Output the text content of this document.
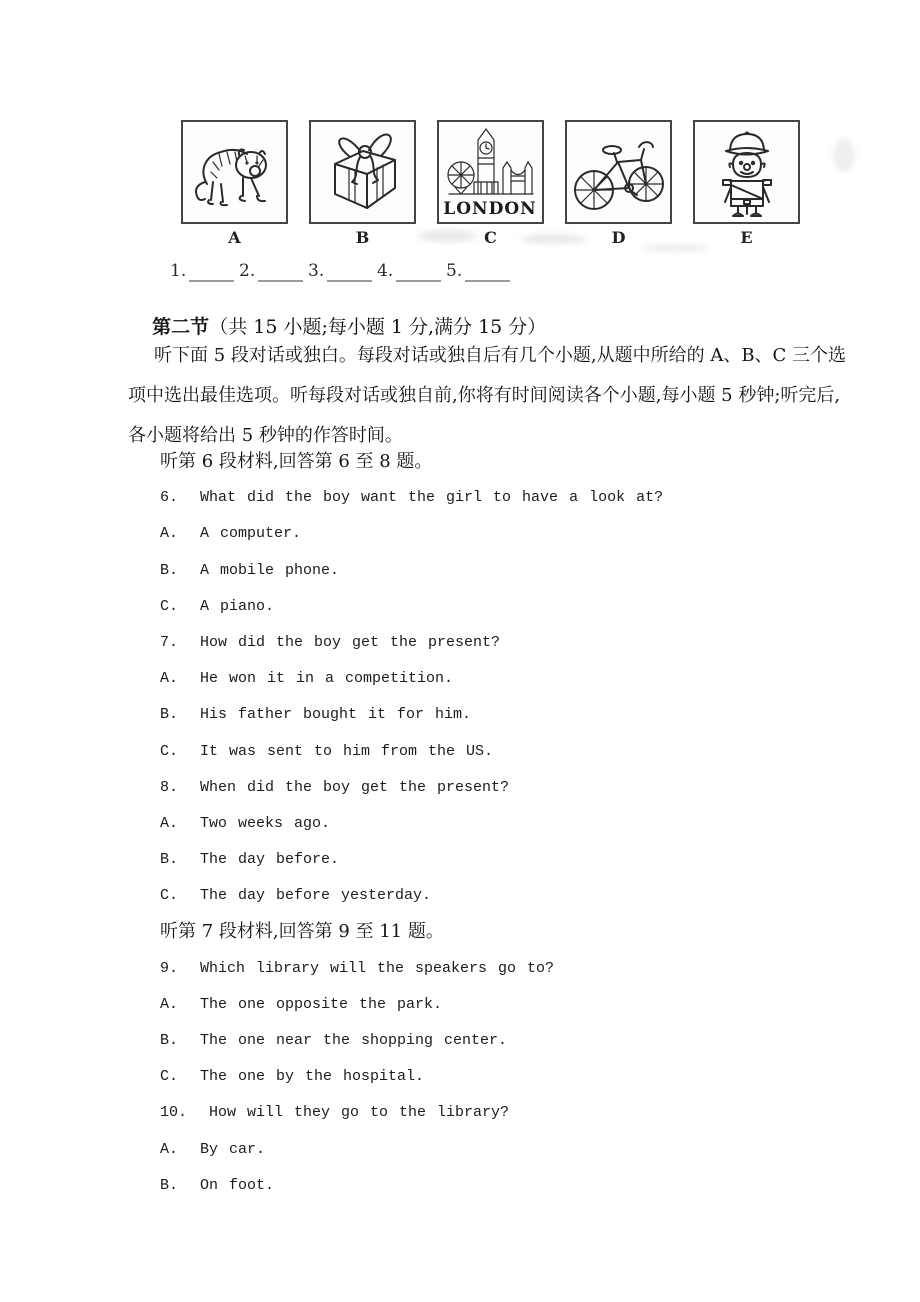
A	B
LONDON
C	D	E
1.	2.	3.	4.	5.

第二节（共 15 小题;每小题 1 分,满分 15 分）

听下面 5 段对话或独白。每段对话或独自后有几个小题,从题中所给的 A、B、C 三个选
项中选出最佳选项。听每段对话或独自前,你将有时间阅读各个小题,每小题 5 秒钟;听完后,
各小题将给出 5 秒钟的作答时间。
听第 6 段材料,回答第 6 至 8 题。
6.  What did the boy want the girl to have a look at?
A.  A computer.
B.  A mobile phone.
C.  A piano.
7.  How did the boy get the present?
A.  He won it in a competition.
B.  His father bought it for him.
C.  It was sent to him from the US.
8.  When did the boy get the present?
A.  Two weeks ago.
B.  The day before.
C.  The day before yesterday.
听第 7 段材料,回答第 9 至 11 题。
9.  Which library will the speakers go to?
A.  The one opposite the park.
B.  The one near the shopping center.
C.  The one by the hospital.
10.  How will they go to the library?
A.  By car.
B.  On foot.
